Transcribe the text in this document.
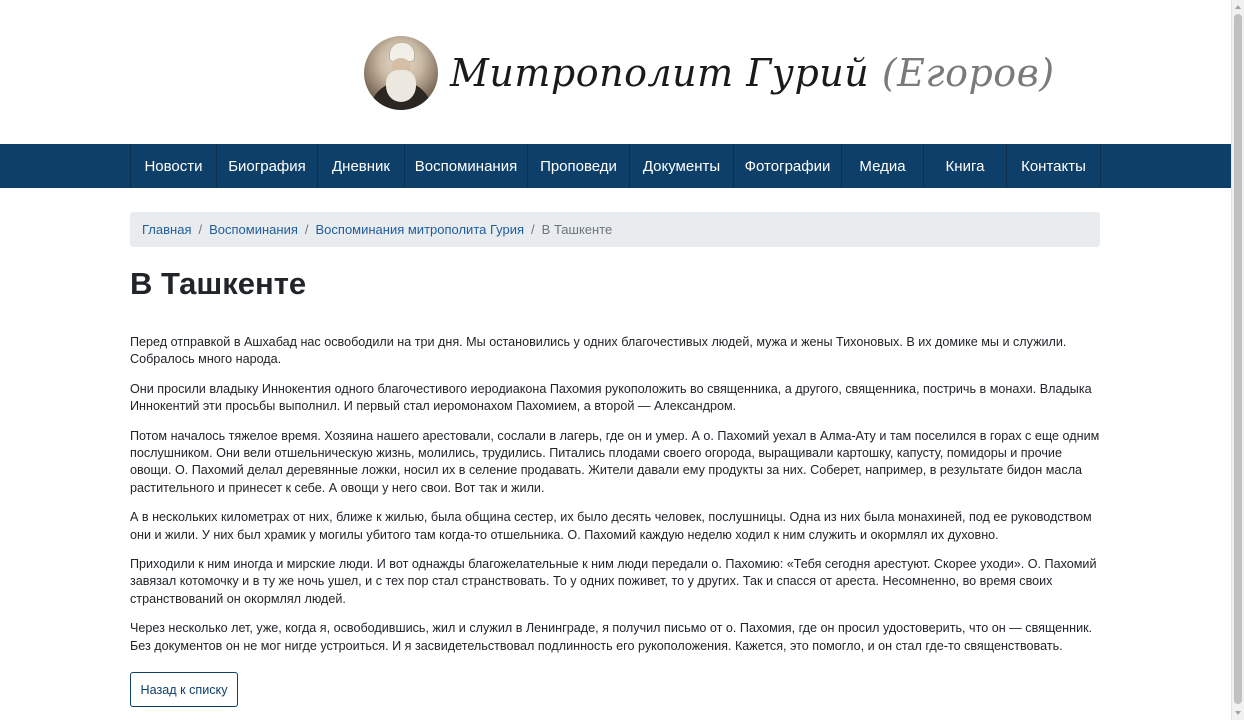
Митрополит Гурий (Егоров)
Новости	Биография	Дневник	Воспоминания	Проповеди	Документы	Фотографии	Медиа	Книга	Контакты
Главная / Воспоминания / Воспоминания митрополита Гурия / В Ташкенте
В Ташкенте

Перед отправкой в Ашхабад нас освободили на три дня. Мы остановились у одних благочестивых людей, мужа и жены Тихоновых. В их домике мы и служили. Собралось много народа.

Они просили владыку Иннокентия одного благочестивого иеродиакона Пахомия рукоположить во священника, а другого, священника, постричь в монахи. Владыка Иннокентий эти просьбы выполнил. И первый стал иеромонахом Пахомием, а второй — Александром.

Потом началось тяжелое время. Хозяина нашего арестовали, сослали в лагерь, где он и умер. А о. Пахомий уехал в Алма-Ату и там поселился в горах с еще одним послушником. Они вели отшельническую жизнь, молились, трудились. Питались плодами своего огорода, выращивали картошку, капусту, помидоры и прочие овощи. О. Пахомий делал деревянные ложки, носил их в селение продавать. Жители давали ему продукты за них. Соберет, например, в результате бидон масла растительного и принесет к себе. А овощи у него свои. Вот так и жили.

А в нескольких километрах от них, ближе к жилью, была община сестер, их было десять человек, послушницы. Одна из них была монахиней, под ее руководством они и жили. У них был храмик у могилы убитого там когда-то отшельника. О. Пахомий каждую неделю ходил к ним служить и окормлял их духовно.

Приходили к ним иногда и мирские люди. И вот однажды благожелательные к ним люди передали о. Пахомию: «Тебя сегодня арестуют. Скорее уходи». О. Пахомий завязал котомочку и в ту же ночь ушел, и с тех пор стал странствовать. То у одних поживет, то у других. Так и спасся от ареста. Несомненно, во время своих странствований он окормлял людей.

Через несколько лет, уже, когда я, освободившись, жил и служил в Ленинграде, я получил письмо от о. Пахомия, где он просил удостоверить, что он — священник. Без документов он не мог нигде устроиться. И я засвидетельствовал подлинность его рукоположения. Кажется, это помогло, и он стал где-то священствовать.

Назад к списку
